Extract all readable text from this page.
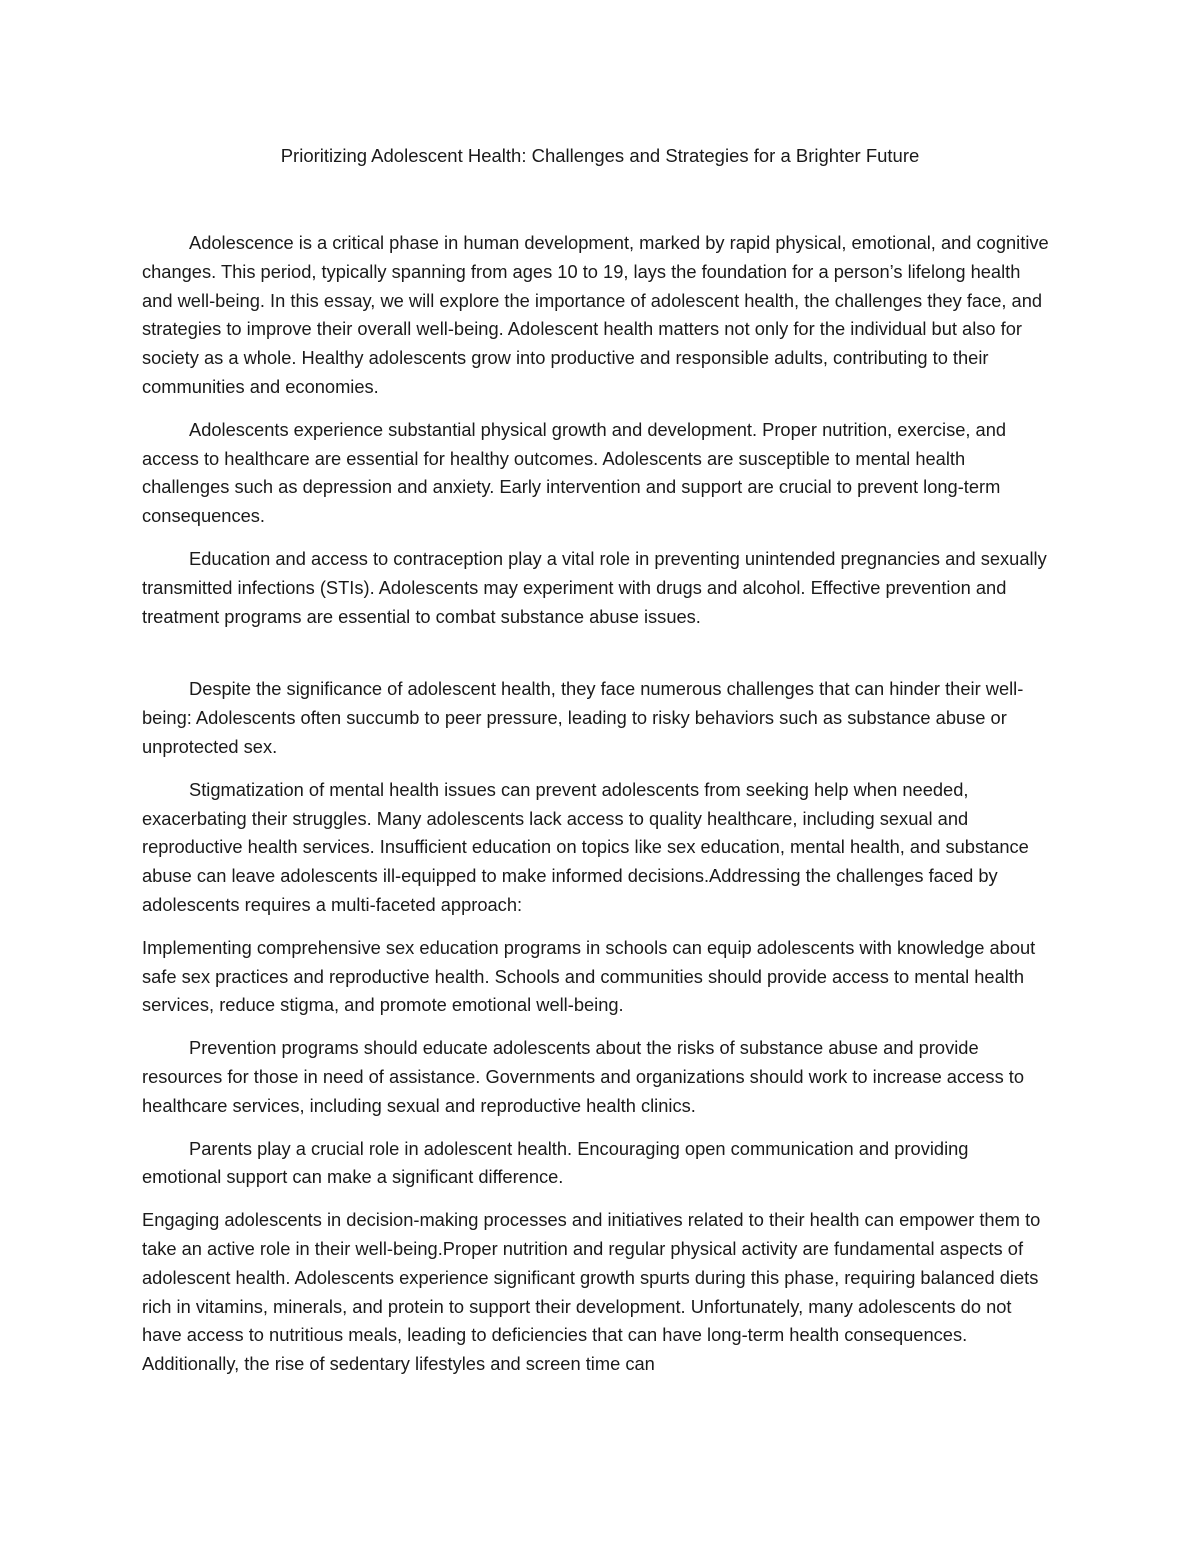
Prioritizing Adolescent Health: Challenges and Strategies for a Brighter Future

Adolescence is a critical phase in human development, marked by rapid physical, emotional, and cognitive changes. This period, typically spanning from ages 10 to 19, lays the foundation for a person’s lifelong health and well-being. In this essay, we will explore the importance of adolescent health, the challenges they face, and strategies to improve their overall well-being. Adolescent health matters not only for the individual but also for society as a whole. Healthy adolescents grow into productive and responsible adults, contributing to their communities and economies.

Adolescents experience substantial physical growth and development. Proper nutrition, exercise, and access to healthcare are essential for healthy outcomes. Adolescents are susceptible to mental health challenges such as depression and anxiety. Early intervention and support are crucial to prevent long-term consequences.

Education and access to contraception play a vital role in preventing unintended pregnancies and sexually transmitted infections (STIs). Adolescents may experiment with drugs and alcohol. Effective prevention and treatment programs are essential to combat substance abuse issues.

Despite the significance of adolescent health, they face numerous challenges that can hinder their well-being: Adolescents often succumb to peer pressure, leading to risky behaviors such as substance abuse or unprotected sex.

Stigmatization of mental health issues can prevent adolescents from seeking help when needed, exacerbating their struggles. Many adolescents lack access to quality healthcare, including sexual and reproductive health services. Insufficient education on topics like sex education, mental health, and substance abuse can leave adolescents ill-equipped to make informed decisions.Addressing the challenges faced by adolescents requires a multi-faceted approach:

Implementing comprehensive sex education programs in schools can equip adolescents with knowledge about safe sex practices and reproductive health. Schools and communities should provide access to mental health services, reduce stigma, and promote emotional well-being.

Prevention programs should educate adolescents about the risks of substance abuse and provide resources for those in need of assistance. Governments and organizations should work to increase access to healthcare services, including sexual and reproductive health clinics.

Parents play a crucial role in adolescent health. Encouraging open communication and providing emotional support can make a significant difference.

Engaging adolescents in decision-making processes and initiatives related to their health can empower them to take an active role in their well-being.Proper nutrition and regular physical activity are fundamental aspects of adolescent health. Adolescents experience significant growth spurts during this phase, requiring balanced diets rich in vitamins, minerals, and protein to support their development. Unfortunately, many adolescents do not have access to nutritious meals, leading to deficiencies that can have long-term health consequences. Additionally, the rise of sedentary lifestyles and screen time can
